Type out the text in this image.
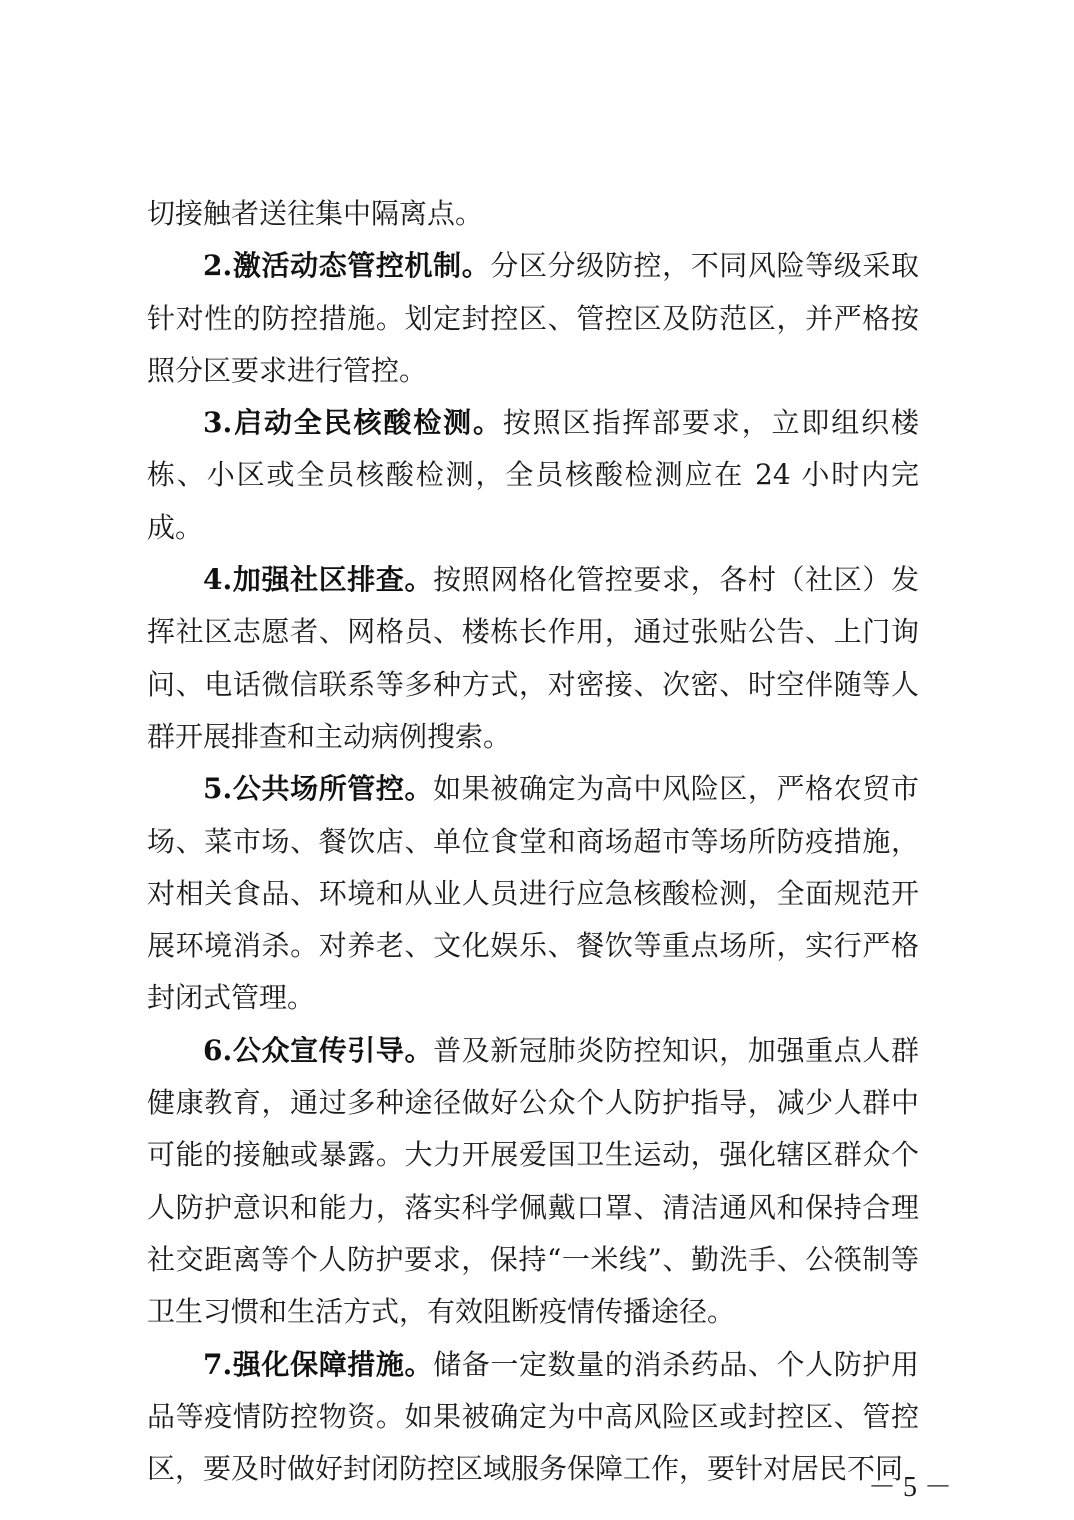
切接触者送往集中隔离点。

2.激活动态管控机制。分区分级防控，不同风险等级采取针对性的防控措施。划定封控区、管控区及防范区，并严格按照分区要求进行管控。

3.启动全民核酸检测。按照区指挥部要求，立即组织楼栋、小区或全员核酸检测，全员核酸检测应在 24 小时内完成。

4.加强社区排查。按照网格化管控要求，各村（社区）发挥社区志愿者、网格员、楼栋长作用，通过张贴公告、上门询问、电话微信联系等多种方式，对密接、次密、时空伴随等人群开展排查和主动病例搜索。

5.公共场所管控。如果被确定为高中风险区，严格农贸市场、菜市场、餐饮店、单位食堂和商场超市等场所防疫措施，对相关食品、环境和从业人员进行应急核酸检测，全面规范开展环境消杀。对养老、文化娱乐、餐饮等重点场所，实行严格封闭式管理。

6.公众宣传引导。普及新冠肺炎防控知识，加强重点人群健康教育，通过多种途径做好公众个人防护指导，减少人群中可能的接触或暴露。大力开展爱国卫生运动，强化辖区群众个人防护意识和能力，落实科学佩戴口罩、清洁通风和保持合理社交距离等个人防护要求，保持“一米线”、勤洗手、公筷制等卫生习惯和生活方式，有效阻断疫情传播途径。

7.强化保障措施。储备一定数量的消杀药品、个人防护用品等疫情防控物资。如果被确定为中高风险区或封控区、管控区，要及时做好封闭防控区域服务保障工作，要针对居民不同

－ 5 －
